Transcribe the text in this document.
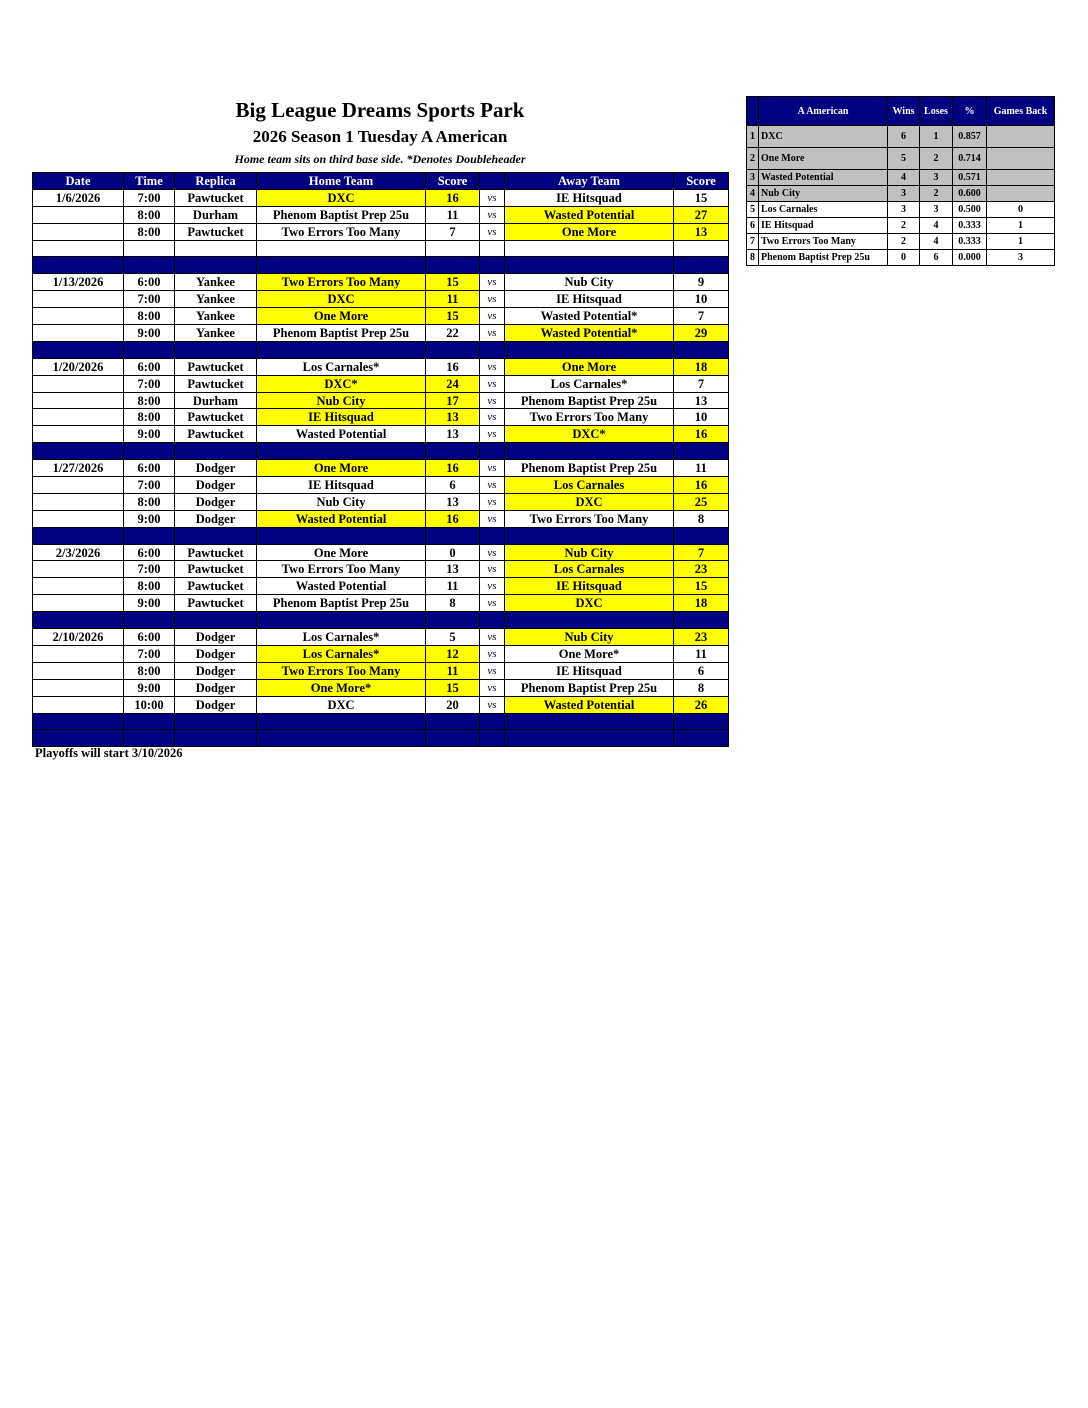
Big League Dreams Sports Park
2026 Season 1 Tuesday A American
Home team sits on third base side. *Denotes Doubleheader
Date	Time	Replica	Home Team	Score		Away Team	Score
1/6/2026	7:00	Pawtucket	DXC	16	vs	IE Hitsquad	15
	8:00	Durham	Phenom Baptist Prep 25u	11	vs	Wasted Potential	27
	8:00	Pawtucket	Two Errors Too Many	7	vs	One More	13

1/13/2026	6:00	Yankee	Two Errors Too Many	15	vs	Nub City	9
	7:00	Yankee	DXC	11	vs	IE Hitsquad	10
	8:00	Yankee	One More	15	vs	Wasted Potential*	7
	9:00	Yankee	Phenom Baptist Prep 25u	22	vs	Wasted Potential*	29

1/20/2026	6:00	Pawtucket	Los Carnales*	16	vs	One More	18
	7:00	Pawtucket	DXC*	24	vs	Los Carnales*	7
	8:00	Durham	Nub City	17	vs	Phenom Baptist Prep 25u	13
	8:00	Pawtucket	IE Hitsquad	13	vs	Two Errors Too Many	10
	9:00	Pawtucket	Wasted Potential	13	vs	DXC*	16

1/27/2026	6:00	Dodger	One More	16	vs	Phenom Baptist Prep 25u	11
	7:00	Dodger	IE Hitsquad	6	vs	Los Carnales	16
	8:00	Dodger	Nub City	13	vs	DXC	25
	9:00	Dodger	Wasted Potential	16	vs	Two Errors Too Many	8

2/3/2026	6:00	Pawtucket	One More	0	vs	Nub City	7
	7:00	Pawtucket	Two Errors Too Many	13	vs	Los Carnales	23
	8:00	Pawtucket	Wasted Potential	11	vs	IE Hitsquad	15
	9:00	Pawtucket	Phenom Baptist Prep 25u	8	vs	DXC	18

2/10/2026	6:00	Dodger	Los Carnales*	5	vs	Nub City	23
	7:00	Dodger	Los Carnales*	12	vs	One More*	11
	8:00	Dodger	Two Errors Too Many	11	vs	IE Hitsquad	6
	9:00	Dodger	One More*	15	vs	Phenom Baptist Prep 25u	8
	10:00	Dodger	DXC	20	vs	Wasted Potential	26

	A American	Wins	Loses	%	Games Back
1	DXC	6	1	0.857	
2	One More	5	2	0.714	
3	Wasted Potential	4	3	0.571	
4	Nub City	3	2	0.600	
5	Los Carnales	3	3	0.500	0
6	IE Hitsquad	2	4	0.333	1
7	Two Errors Too Many	2	4	0.333	1
8	Phenom Baptist Prep 25u	0	6	0.000	3
Playoffs will start 3/10/2026
